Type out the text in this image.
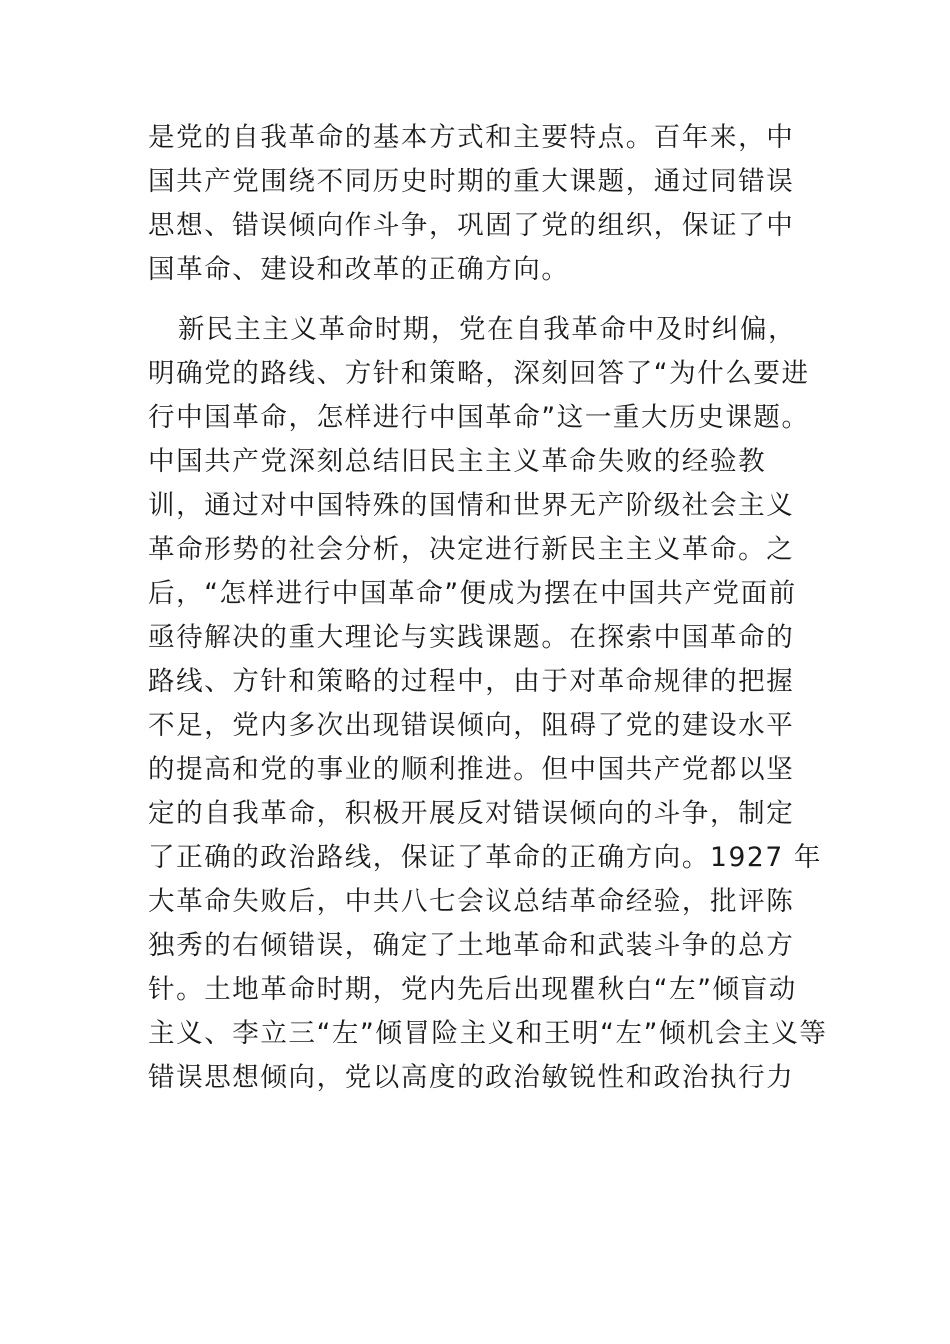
是党的自我革命的基本方式和主要特点。百年来，中
国共产党围绕不同历史时期的重大课题，通过同错误
思想、错误倾向作斗争，巩固了党的组织，保证了中
国革命、建设和改革的正确方向。
新民主主义革命时期，党在自我革命中及时纠偏，
明确党的路线、方针和策略，深刻回答了“为什么要进
行中国革命，怎样进行中国革命”这一重大历史课题。
中国共产党深刻总结旧民主主义革命失败的经验教
训，通过对中国特殊的国情和世界无产阶级社会主义
革命形势的社会分析，决定进行新民主主义革命。之
后，“怎样进行中国革命”便成为摆在中国共产党面前
亟待解决的重大理论与实践课题。在探索中国革命的
路线、方针和策略的过程中，由于对革命规律的把握
不足，党内多次出现错误倾向，阻碍了党的建设水平
的提高和党的事业的顺利推进。但中国共产党都以坚
定的自我革命，积极开展反对错误倾向的斗争，制定
了正确的政治路线，保证了革命的正确方向。1927 年
大革命失败后，中共八七会议总结革命经验，批评陈
独秀的右倾错误，确定了土地革命和武装斗争的总方
针。土地革命时期，党内先后出现瞿秋白“左”倾盲动
主义、李立三“左”倾冒险主义和王明“左”倾机会主义等
错误思想倾向，党以高度的政治敏锐性和政治执行力
